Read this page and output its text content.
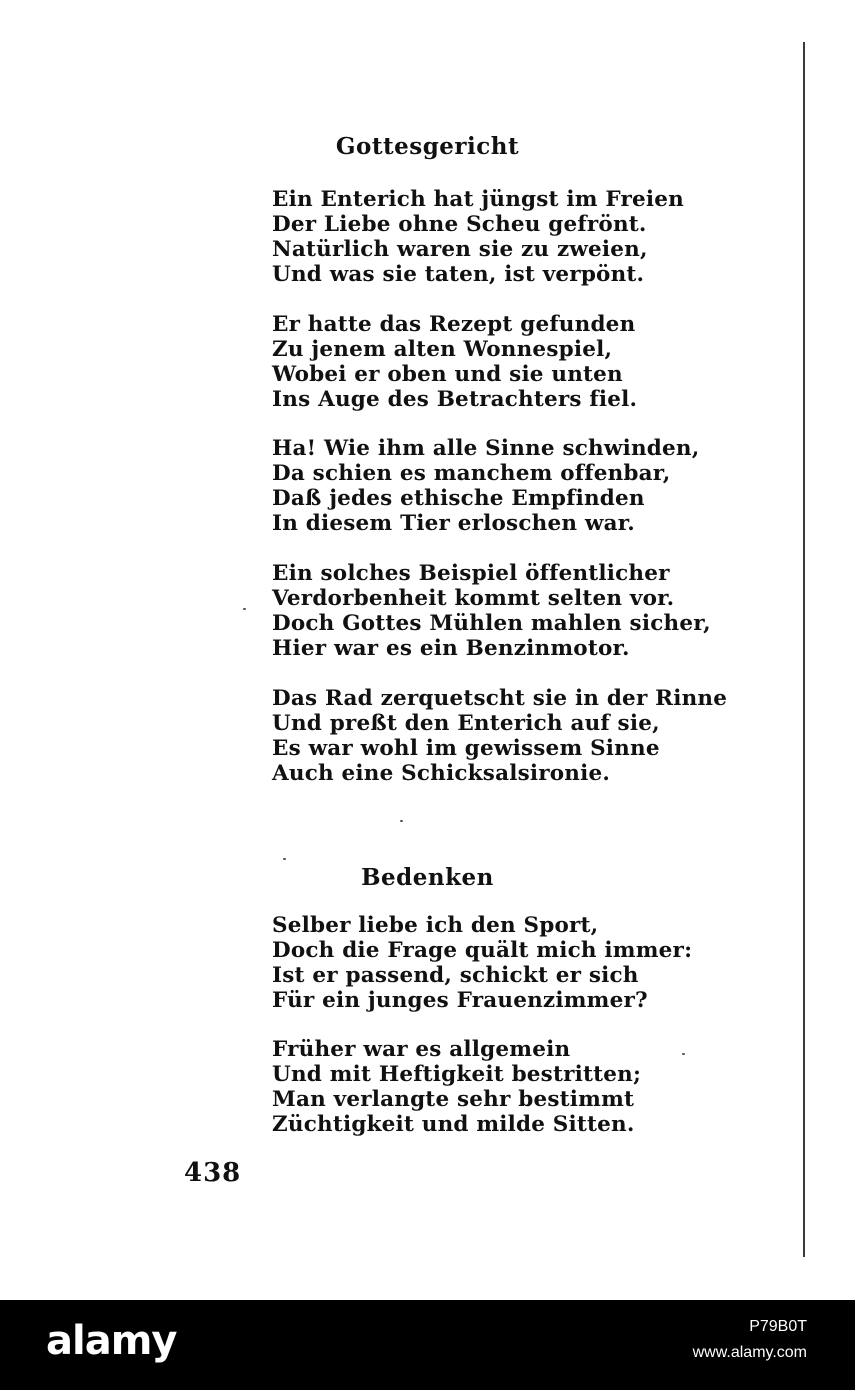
Gottesgericht
Ein Enterich hat jüngst im Freien
Der Liebe ohne Scheu gefrönt.
Natürlich waren sie zu zweien,
Und was sie taten, ist verpönt.
Er hatte das Rezept gefunden
Zu jenem alten Wonnespiel,
Wobei er oben und sie unten
Ins Auge des Betrachters fiel.
Ha! Wie ihm alle Sinne schwinden,
Da schien es manchem offenbar,
Daß jedes ethische Empfinden
In diesem Tier erloschen war.
Ein solches Beispiel öffentlicher
Verdorbenheit kommt selten vor.
Doch Gottes Mühlen mahlen sicher,
Hier war es ein Benzinmotor.
Das Rad zerquetscht sie in der Rinne
Und preßt den Enterich auf sie,
Es war wohl im gewissem Sinne
Auch eine Schicksalsironie.
Bedenken
Selber liebe ich den Sport,
Doch die Frage quält mich immer:
Ist er passend, schickt er sich
Für ein junges Frauenzimmer?
Früher war es allgemein
Und mit Heftigkeit bestritten;
Man verlangte sehr bestimmt
Züchtigkeit und milde Sitten.
438
alamy	P79B0T
www.alamy.com
